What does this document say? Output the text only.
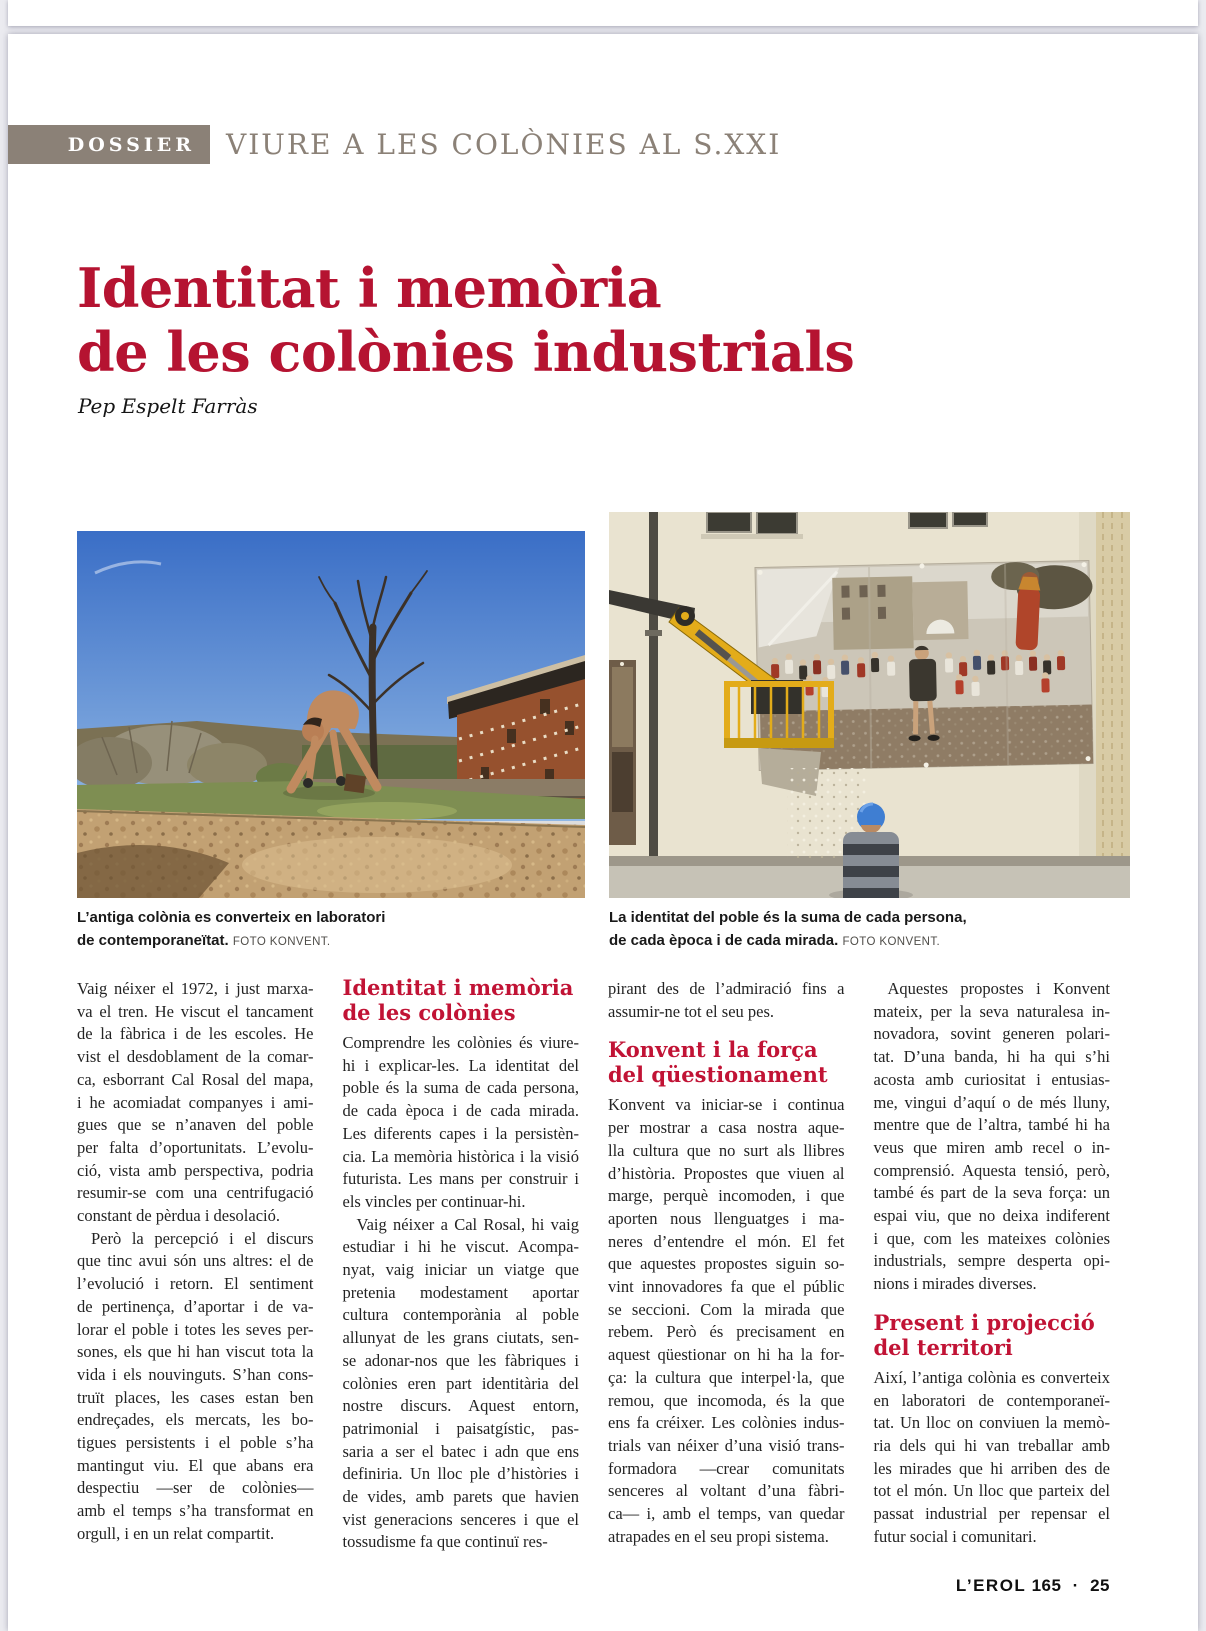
DOSSIER VIURE A LES COLÒNIES AL S.XXI
Identitat i memòria
de les colònies industrials
Pep Espelt Farràs
L’antiga colònia es converteix en laboratori
de contemporaneïtat. FOTO KONVENT.
La identitat del poble és la suma de cada persona,
de cada època i de cada mirada. FOTO KONVENT.
Vaig néixer el 1972, i just marxa-
va el tren. He viscut el tancament
de la fàbrica i de les escoles. He
vist el desdoblament de la comar-
ca, esborrant Cal Rosal del mapa,
i he acomiadat companyes i ami-
gues que se n’anaven del poble
per falta d’oportunitats. L’evolu-
ció, vista amb perspectiva, podria
resumir-se com una centrifugació
constant de pèrdua i desolació.
Però la percepció i el discurs
que tinc avui són uns altres: el de
l’evolució i retorn. El sentiment
de pertinença, d’aportar i de va-
lorar el poble i totes les seves per-
sones, els que hi han viscut tota la
vida i els nouvinguts. S’han cons-
truït places, les cases estan ben
endreçades, els mercats, les bo-
tigues persistents i el poble s’ha
mantingut viu. El que abans era
despectiu —ser de colònies—
amb el temps s’ha transformat en
orgull, i en un relat compartit.
Identitat i memòria
de les colònies
Comprendre les colònies és viure-
hi i explicar-les. La identitat del
poble és la suma de cada persona,
de cada època i de cada mirada.
Les diferents capes i la persistèn-
cia. La memòria històrica i la visió
futurista. Les mans per construir i
els vincles per continuar-hi.
Vaig néixer a Cal Rosal, hi vaig
estudiar i hi he viscut. Acompa-
nyat, vaig iniciar un viatge que
pretenia modestament aportar
cultura contemporània al poble
allunyat de les grans ciutats, sen-
se adonar-nos que les fàbriques i
colònies eren part identitària del
nostre discurs. Aquest entorn,
patrimonial i paisatgístic, pas-
saria a ser el batec i adn que ens
definiria. Un lloc ple d’històries i
de vides, amb parets que havien
vist generacions senceres i que el
tossudisme fa que continuï res-
pirant des de l’admiració fins a
assumir-ne tot el seu pes.
Konvent i la força
del qüestionament
Konvent va iniciar-se i continua
per mostrar a casa nostra aque-
lla cultura que no surt als llibres
d’història. Propostes que viuen al
marge, perquè incomoden, i que
aporten nous llenguatges i ma-
neres d’entendre el món. El fet
que aquestes propostes siguin so-
vint innovadores fa que el públic
se seccioni. Com la mirada que
rebem. Però és precisament en
aquest qüestionar on hi ha la for-
ça: la cultura que interpel·la, que
remou, que incomoda, és la que
ens fa créixer. Les colònies indus-
trials van néixer d’una visió trans-
formadora —crear comunitats
senceres al voltant d’una fàbri-
ca— i, amb el temps, van quedar
atrapades en el seu propi sistema.
Aquestes propostes i Konvent
mateix, per la seva naturalesa in-
novadora, sovint generen polari-
tat. D’una banda, hi ha qui s’hi
acosta amb curiositat i entusias-
me, vingui d’aquí o de més lluny,
mentre que de l’altra, també hi ha
veus que miren amb recel o in-
comprensió. Aquesta tensió, però,
també és part de la seva força: un
espai viu, que no deixa indiferent
i que, com les mateixes colònies
industrials, sempre desperta opi-
nions i mirades diverses.
Present i projecció
del territori
Així, l’antiga colònia es converteix
en laboratori de contemporaneï-
tat. Un lloc on conviuen la memò-
ria dels qui hi van treballar amb
les mirades que hi arriben des de
tot el món. Un lloc que parteix del
passat industrial per repensar el
futur social i comunitari.
L’EROL 165 · 25
